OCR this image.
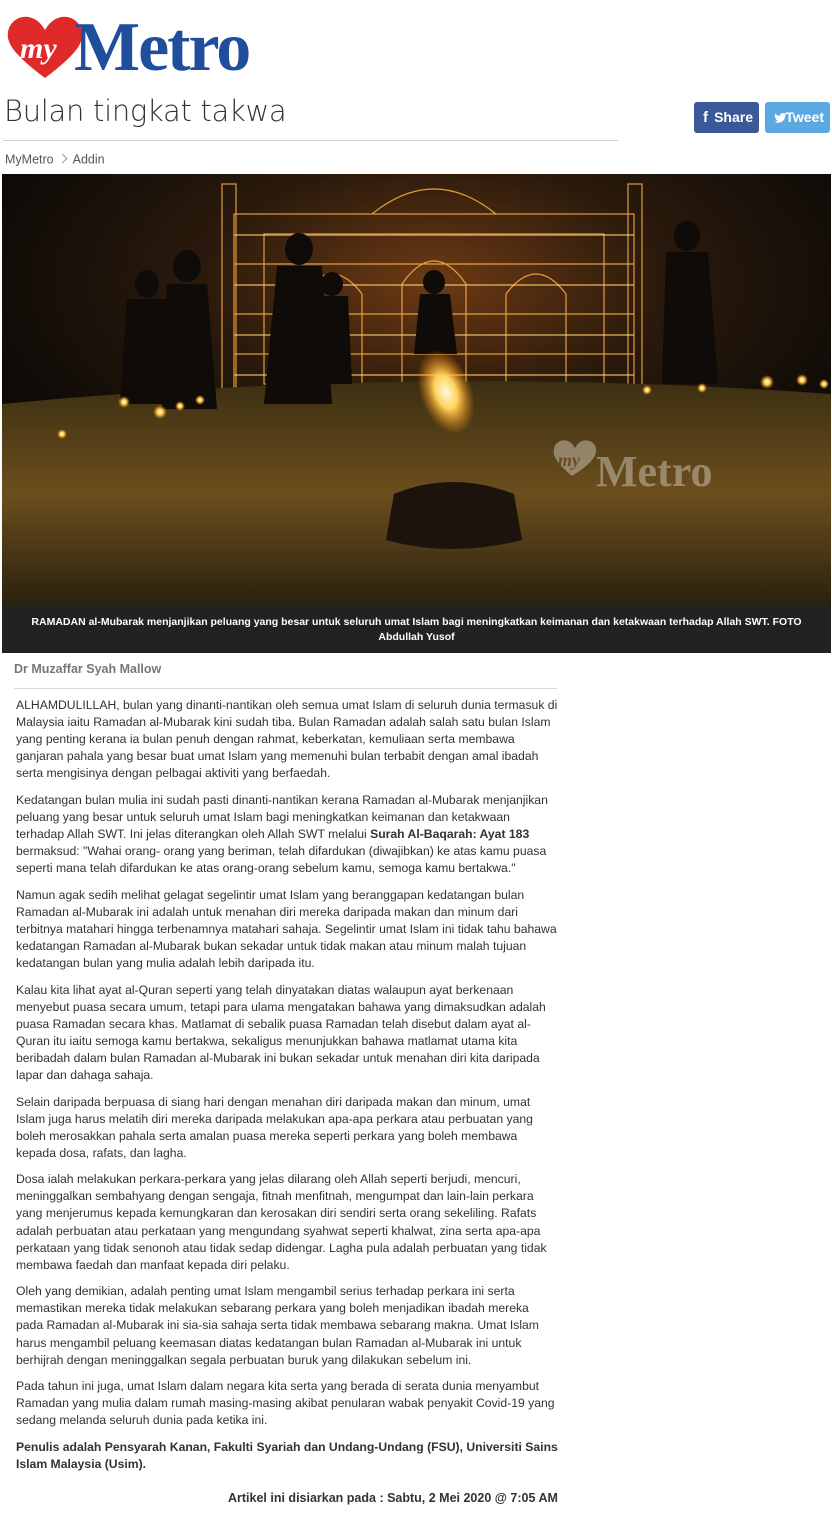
my Metro
Bulan tingkat takwa	f Share Tweet
MyMetro Addin
my Metro

RAMADAN al-Mubarak menjanjikan peluang yang besar untuk seluruh umat Islam bagi meningkatkan keimanan dan ketakwaan terhadap Allah SWT. FOTO Abdullah Yusof

Dr Muzaffar Syah Mallow

ALHAMDULILLAH, bulan yang dinanti-nantikan oleh semua umat Islam di seluruh dunia termasuk di Malaysia iaitu Ramadan al-Mubarak kini sudah tiba. Bulan Ramadan adalah salah satu bulan Islam yang penting kerana ia bulan penuh dengan rahmat, keberkatan, kemuliaan serta membawa ganjaran pahala yang besar buat umat Islam yang memenuhi bulan terbabit dengan amal ibadah serta mengisinya dengan pelbagai aktiviti yang berfaedah.

Kedatangan bulan mulia ini sudah pasti dinanti-nantikan kerana Ramadan al-Mubarak menjanjikan peluang yang besar untuk seluruh umat Islam bagi meningkatkan keimanan dan ketakwaan terhadap Allah SWT. Ini jelas diterangkan oleh Allah SWT melalui Surah Al-Baqarah: Ayat 183 bermaksud: "Wahai orang- orang yang beriman, telah difardukan (diwajibkan) ke atas kamu puasa seperti mana telah difardukan ke atas orang-orang sebelum kamu, semoga kamu bertakwa."

Namun agak sedih melihat gelagat segelintir umat Islam yang beranggapan kedatangan bulan Ramadan al-Mubarak ini adalah untuk menahan diri mereka daripada makan dan minum dari terbitnya matahari hingga terbenamnya matahari sahaja. Segelintir umat Islam ini tidak tahu bahawa kedatangan Ramadan al-Mubarak bukan sekadar untuk tidak makan atau minum malah tujuan kedatangan bulan yang mulia adalah lebih daripada itu.

Kalau kita lihat ayat al-Quran seperti yang telah dinyatakan diatas walaupun ayat berkenaan menyebut puasa secara umum, tetapi para ulama mengatakan bahawa yang dimaksudkan adalah puasa Ramadan secara khas. Matlamat di sebalik puasa Ramadan telah disebut dalam ayat al-Quran itu iaitu semoga kamu bertakwa, sekaligus menunjukkan bahawa matlamat utama kita beribadah dalam bulan Ramadan al-Mubarak ini bukan sekadar untuk menahan diri kita daripada lapar dan dahaga sahaja.

Selain daripada berpuasa di siang hari dengan menahan diri daripada makan dan minum, umat Islam juga harus melatih diri mereka daripada melakukan apa-apa perkara atau perbuatan yang boleh merosakkan pahala serta amalan puasa mereka seperti perkara yang boleh membawa kepada dosa, rafats, dan lagha.

Dosa ialah melakukan perkara-perkara yang jelas dilarang oleh Allah seperti berjudi, mencuri, meninggalkan sembahyang dengan sengaja, fitnah menfitnah, mengumpat dan lain-lain perkara yang menjerumus kepada kemungkaran dan kerosakan diri sendiri serta orang sekeliling. Rafats adalah perbuatan atau perkataan yang mengundang syahwat seperti khalwat, zina serta apa-apa perkataan yang tidak senonoh atau tidak sedap didengar. Lagha pula adalah perbuatan yang tidak membawa faedah dan manfaat kepada diri pelaku.

Oleh yang demikian, adalah penting umat Islam mengambil serius terhadap perkara ini serta memastikan mereka tidak melakukan sebarang perkara yang boleh menjadikan ibadah mereka pada Ramadan al-Mubarak ini sia-sia sahaja serta tidak membawa sebarang makna. Umat Islam harus mengambil peluang keemasan diatas kedatangan bulan Ramadan al-Mubarak ini untuk berhijrah dengan meninggalkan segala perbuatan buruk yang dilakukan sebelum ini.

Pada tahun ini juga, umat Islam dalam negara kita serta yang berada di serata dunia menyambut Ramadan yang mulia dalam rumah masing-masing akibat penularan wabak penyakit Covid-19 yang sedang melanda seluruh dunia pada ketika ini.

Penulis adalah Pensyarah Kanan, Fakulti Syariah dan Undang-Undang (FSU), Universiti Sains Islam Malaysia (Usim).

Artikel ini disiarkan pada : Sabtu, 2 Mei 2020 @ 7:05 AM
